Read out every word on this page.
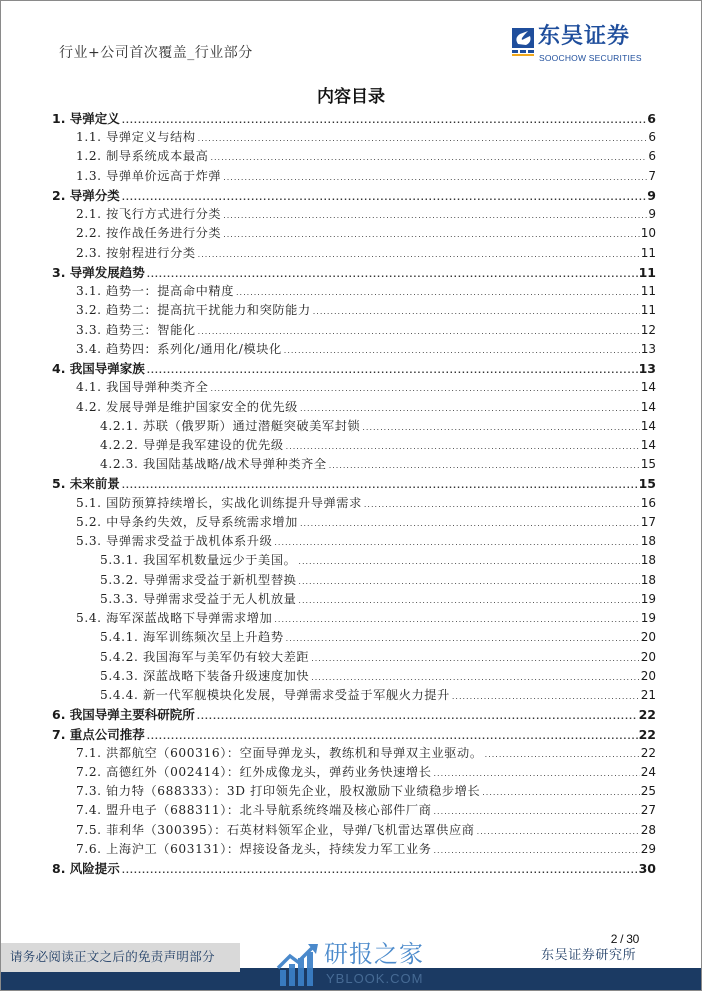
行业+公司首次覆盖_行业部分
东吴证券
SOOCHOW SECURITIES
内容目录
1. 导弹定义 .....	6
1.1. 导弹定义与结构 .....	6
1.2. 制导系统成本最高 .....	6
1.3. 导弹单价远高于炸弹 .....	7
2. 导弹分类 .....	9
2.1. 按飞行方式进行分类 .....	9
2.2. 按作战任务进行分类 .....	10
2.3. 按射程进行分类 .....	11
3. 导弹发展趋势 .....	11
3.1. 趋势一：提高命中精度 .....	11
3.2. 趋势二：提高抗干扰能力和突防能力 .....	11
3.3. 趋势三：智能化 .....	12
3.4. 趋势四：系列化/通用化/模块化 .....	13
4. 我国导弹家族 .....	13
4.1. 我国导弹种类齐全 .....	14
4.2. 发展导弹是维护国家安全的优先级 .....	14
4.2.1. 苏联（俄罗斯）通过潜艇突破美军封锁 .....	14
4.2.2. 导弹是我军建设的优先级 .....	14
4.2.3. 我国陆基战略/战术导弹种类齐全 .....	15
5. 未来前景 .....	15
5.1. 国防预算持续增长，实战化训练提升导弹需求 .....	16
5.2. 中导条约失效，反导系统需求增加 .....	17
5.3. 导弹需求受益于战机体系升级 .....	18
5.3.1. 我国军机数量远少于美国。 .....	18
5.3.2. 导弹需求受益于新机型替换 .....	18
5.3.3. 导弹需求受益于无人机放量 .....	19
5.4. 海军深蓝战略下导弹需求增加 .....	19
5.4.1. 海军训练频次呈上升趋势 .....	20
5.4.2. 我国海军与美军仍有较大差距 .....	20
5.4.3. 深蓝战略下装备升级速度加快 .....	20
5.4.4. 新一代军舰模块化发展，导弹需求受益于军舰火力提升 .....	21
6. 我国导弹主要科研院所 .....	22
7. 重点公司推荐 .....	22
7.1. 洪都航空（600316）：空面导弹龙头，教练机和导弹双主业驱动。 .....	22
7.2. 高德红外（002414）：红外成像龙头，弹药业务快速增长 .....	24
7.3. 铂力特（688333）：3D 打印领先企业，股权激励下业绩稳步增长 .....	25
7.4. 盟升电子（688311）：北斗导航系统终端及核心部件厂商 .....	27
7.5. 菲利华（300395）：石英材料领军企业，导弹/飞机雷达罩供应商 .....	28
7.6. 上海沪工（603131）：焊接设备龙头，持续发力军工业务 .....	29
8. 风险提示 .....	30
2 / 30
请务必阅读正文之后的免责声明部分	东吴证券研究所
研报之家
YBLOOK.COM
